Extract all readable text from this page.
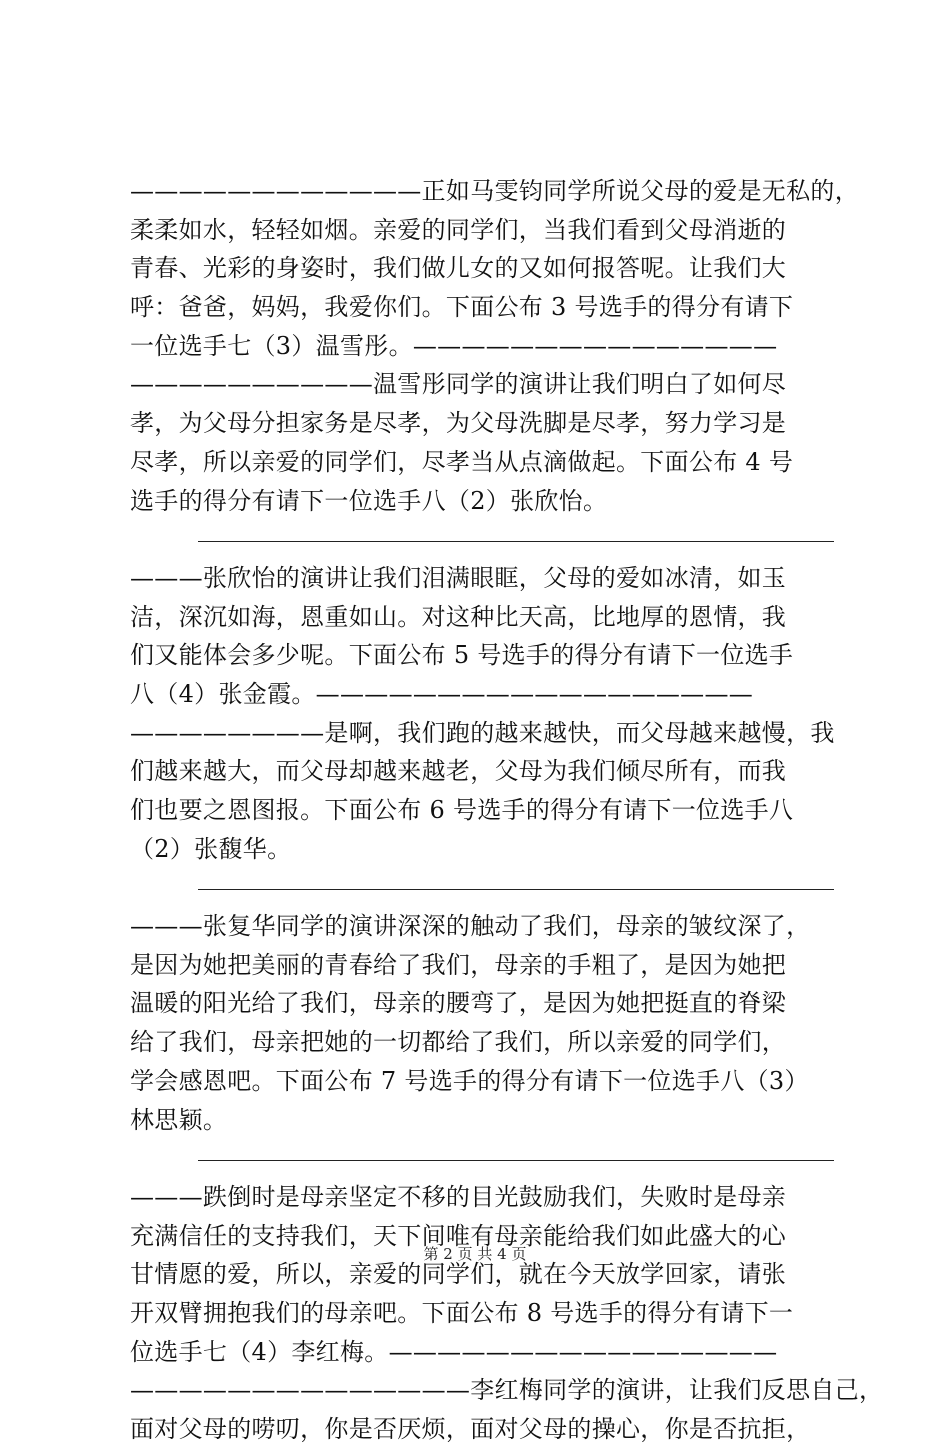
————————————正如马雯钧同学所说父母的爱是无私的，
柔柔如水，轻轻如烟。亲爱的同学们，当我们看到父母消逝的
青春、光彩的身姿时，我们做儿女的又如何报答呢。让我们大
呼：爸爸，妈妈，我爱你们。下面公布 3 号选手的得分有请下
一位选手七（3）温雪彤。———————————————
——————————温雪彤同学的演讲让我们明白了如何尽
孝，为父母分担家务是尽孝，为父母洗脚是尽孝，努力学习是
尽孝，所以亲爱的同学们，尽孝当从点滴做起。下面公布 4 号
选手的得分有请下一位选手八（2）张欣怡。
———张欣怡的演讲让我们泪满眼眶，父母的爱如冰清，如玉
洁，深沉如海，恩重如山。对这种比天高，比地厚的恩情，我
们又能体会多少呢。下面公布 5 号选手的得分有请下一位选手
八（4）张金霞。——————————————————
————————是啊，我们跑的越来越快，而父母越来越慢，我
们越来越大，而父母却越来越老，父母为我们倾尽所有，而我
们也要之恩图报。下面公布 6 号选手的得分有请下一位选手八
（2）张馥华。
———张复华同学的演讲深深的触动了我们，母亲的皱纹深了，
是因为她把美丽的青春给了我们，母亲的手粗了，是因为她把
温暖的阳光给了我们，母亲的腰弯了，是因为她把挺直的脊梁
给了我们，母亲把她的一切都给了我们，所以亲爱的同学们，
学会感恩吧。下面公布 7 号选手的得分有请下一位选手八（3）
林思颖。
———跌倒时是母亲坚定不移的目光鼓励我们，失败时是母亲
充满信任的支持我们，天下间唯有母亲能给我们如此盛大的心
甘情愿的爱，所以，亲爱的同学们，就在今天放学回家，请张
开双臂拥抱我们的母亲吧。下面公布 8 号选手的得分有请下一
位选手七（4）李红梅。————————————————
——————————————李红梅同学的演讲，让我们反思自己，
面对父母的唠叨，你是否厌烦，面对父母的操心，你是否抗拒，
第 2 页 共 4 页
